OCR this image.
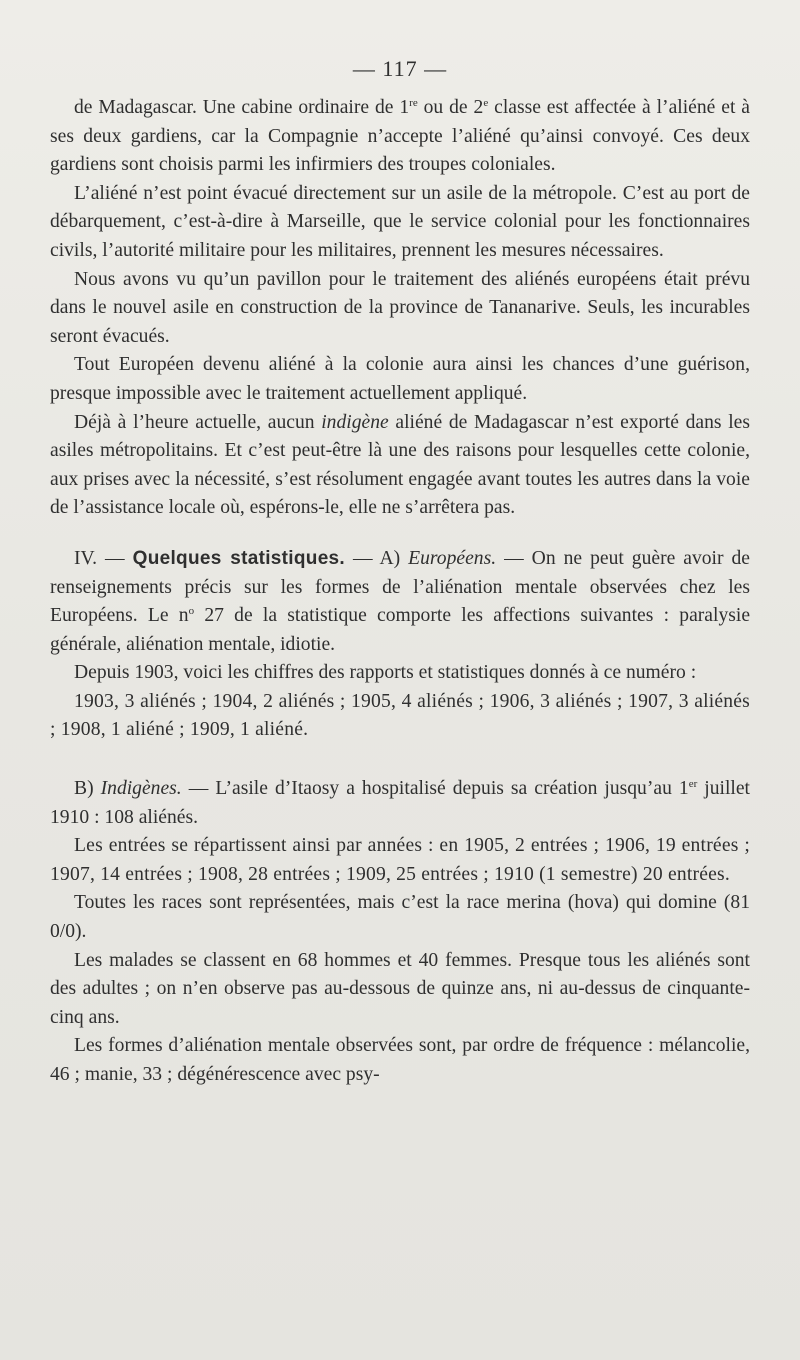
— 117 —

de Madagascar. Une cabine ordinaire de 1re ou de 2e classe est affectée à l’aliéné et à ses deux gardiens, car la Compagnie n’accepte l’aliéné qu’ainsi convoyé. Ces deux gardiens sont choisis parmi les infirmiers des troupes coloniales.

L’aliéné n’est point évacué directement sur un asile de la métropole. C’est au port de débarquement, c’est-à-dire à Marseille, que le service colonial pour les fonctionnaires civils, l’autorité militaire pour les militaires, prennent les mesures nécessaires.

Nous avons vu qu’un pavillon pour le traitement des aliénés européens était prévu dans le nouvel asile en construction de la province de Tananarive. Seuls, les incurables seront évacués.

Tout Européen devenu aliéné à la colonie aura ainsi les chances d’une guérison, presque impossible avec le traitement actuellement appliqué.

Déjà à l’heure actuelle, aucun indigène aliéné de Madagascar n’est exporté dans les asiles métropolitains. Et c’est peut-être là une des raisons pour lesquelles cette colonie, aux prises avec la nécessité, s’est résolument engagée avant toutes les autres dans la voie de l’assistance locale où, espérons-le, elle ne s’arrêtera pas.

IV. — Quelques statistiques. — A) Européens. — On ne peut guère avoir de renseignements précis sur les formes de l’aliénation mentale observées chez les Européens. Le $n^o$ 27 de la statistique comporte les affections suivantes : paralysie générale, aliénation mentale, idiotie.

Depuis 1903, voici les chiffres des rapports et statistiques donnés à ce numéro :

1903, 3 aliénés ; 1904, 2 aliénés ; 1905, 4 aliénés ; 1906, 3 aliénés ; 1907, 3 aliénés ; 1908, 1 aliéné ; 1909, 1 aliéné.

B) Indigènes. — L’asile d’Itaosy a hospitalisé depuis sa création jusqu’au 1er juillet 1910 : 108 aliénés.

Les entrées se répartissent ainsi par années : en 1905, 2 entrées ; 1906, 19 entrées ; 1907, 14 entrées ; 1908, 28 entrées ; 1909, 25 entrées ; 1910 (1 semestre) 20 entrées.

Toutes les races sont représentées, mais c’est la race merina (hova) qui domine (81 0/0).

Les malades se classent en 68 hommes et 40 femmes. Presque tous les aliénés sont des adultes ; on n’en observe pas au-dessous de quinze ans, ni au-dessus de cinquante-cinq ans.

Les formes d’aliénation mentale observées sont, par ordre de fréquence : mélancolie, 46 ; manie, 33 ; dégénérescence avec psy-
